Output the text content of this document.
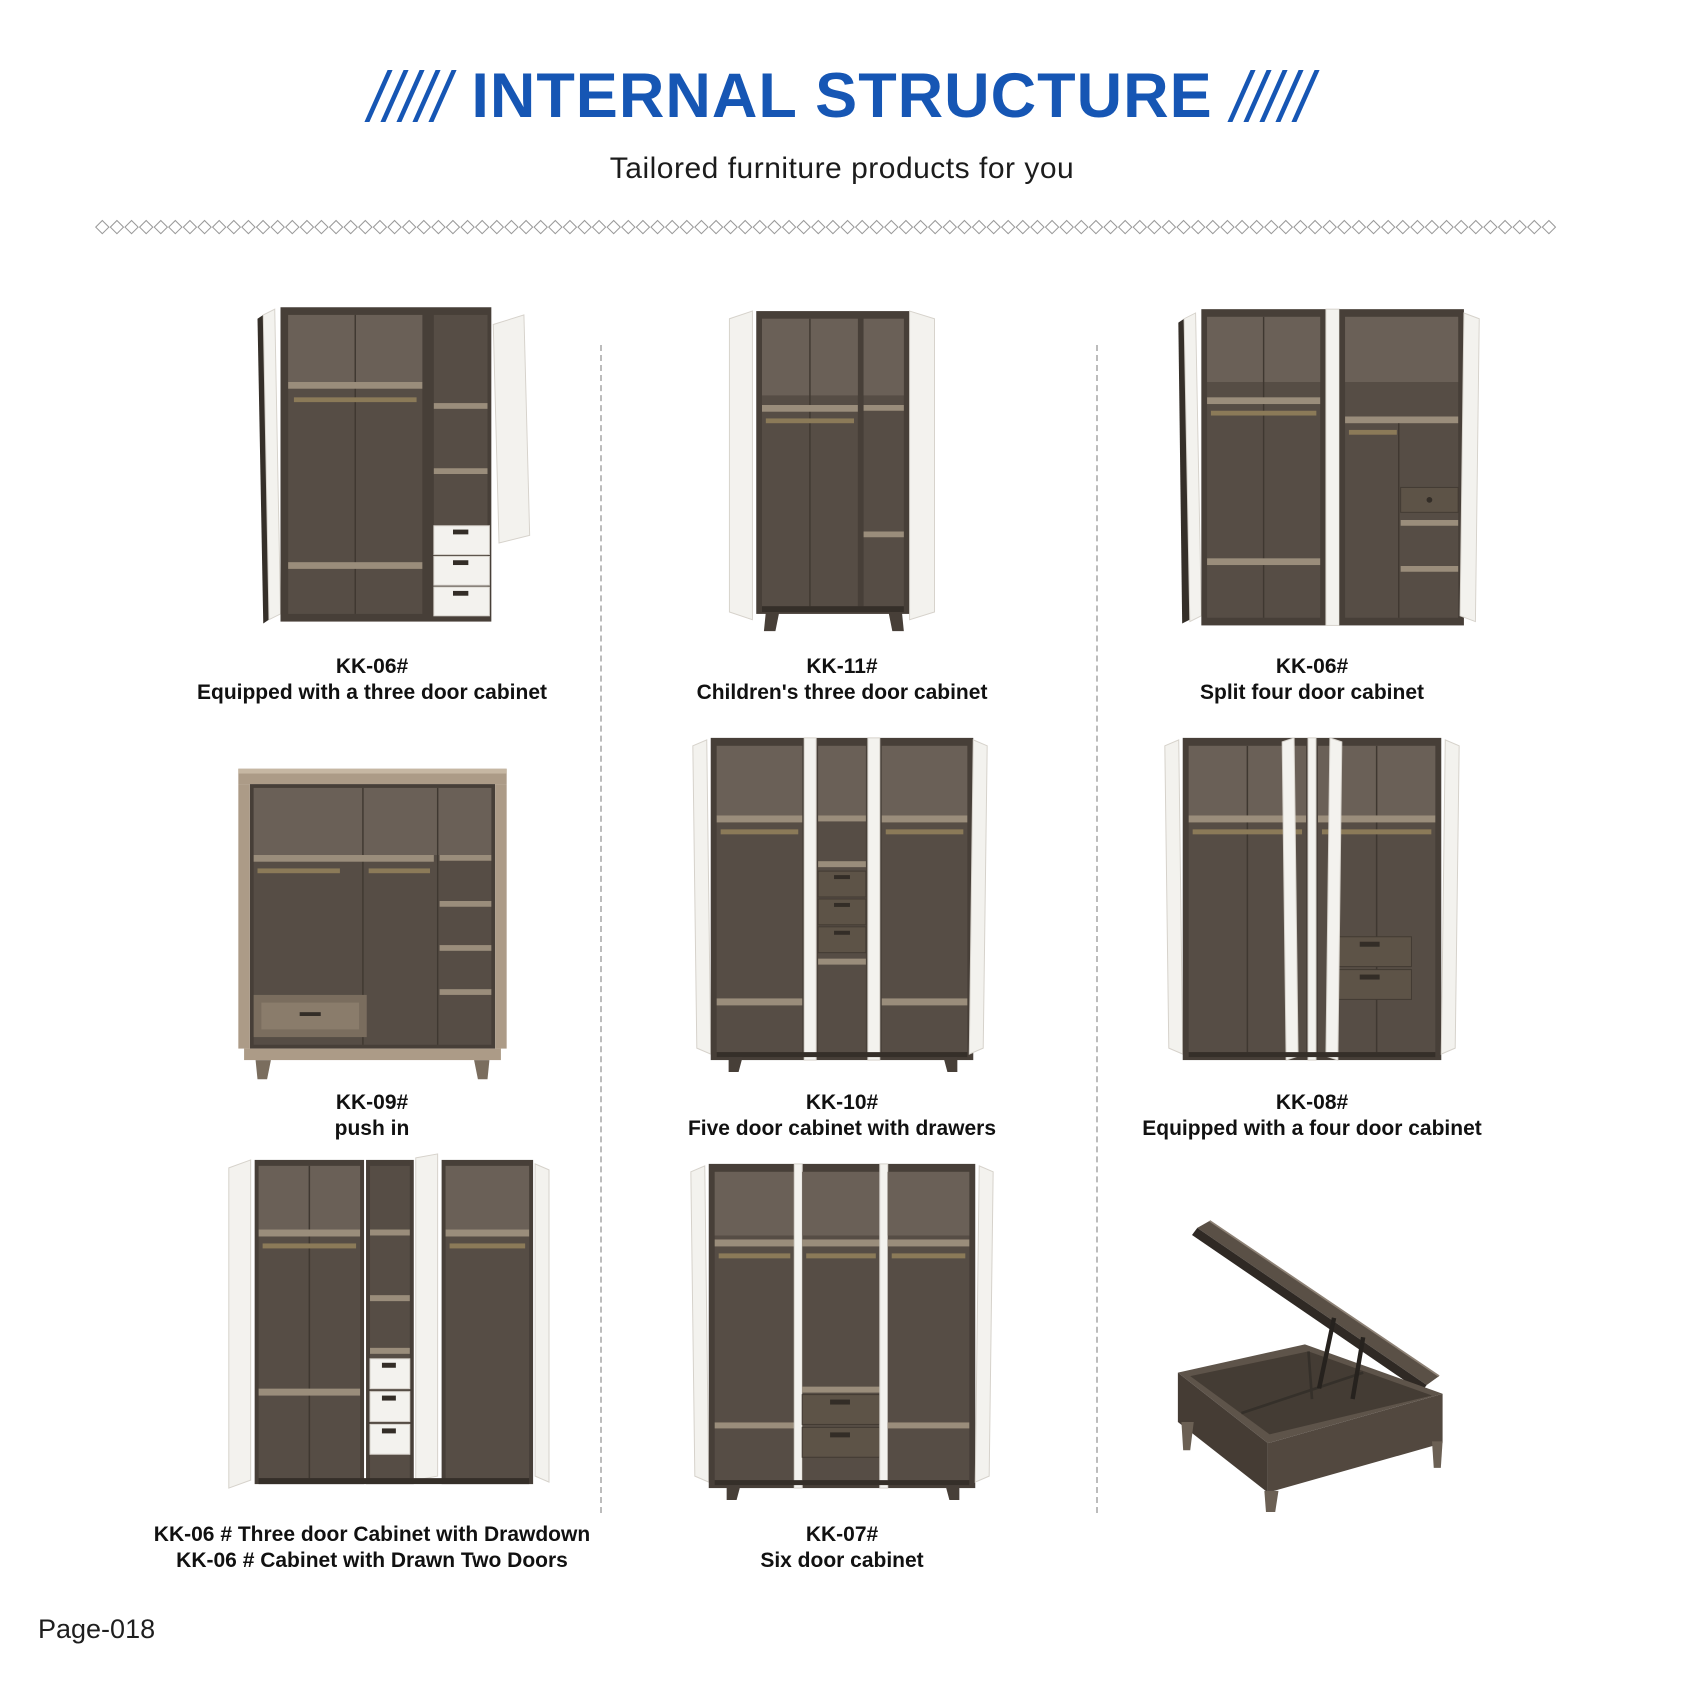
INTERNAL STRUCTURE
Tailored furniture products for you
◇◇◇◇◇◇◇◇◇◇◇◇◇◇◇◇◇◇◇◇◇◇◇◇◇◇◇◇◇◇◇◇◇◇◇◇◇◇◇◇◇◇◇◇◇◇◇◇◇◇◇◇◇◇◇◇◇◇◇◇◇◇◇◇◇◇◇◇◇◇◇◇◇◇◇◇◇◇◇◇◇◇◇◇◇◇◇◇◇◇◇◇◇◇◇◇◇◇◇◇
KK-06#
Equipped with a three door cabinet
KK-11#
Children's three door cabinet
KK-06#
Split four door cabinet
KK-09#
push in
KK-10#
Five door cabinet with drawers
KK-08#
Equipped with a four door cabinet
KK-06 # Three door Cabinet with Drawdown
KK-06 # Cabinet with Drawn Two Doors
KK-07#
Six door cabinet
Page-018
